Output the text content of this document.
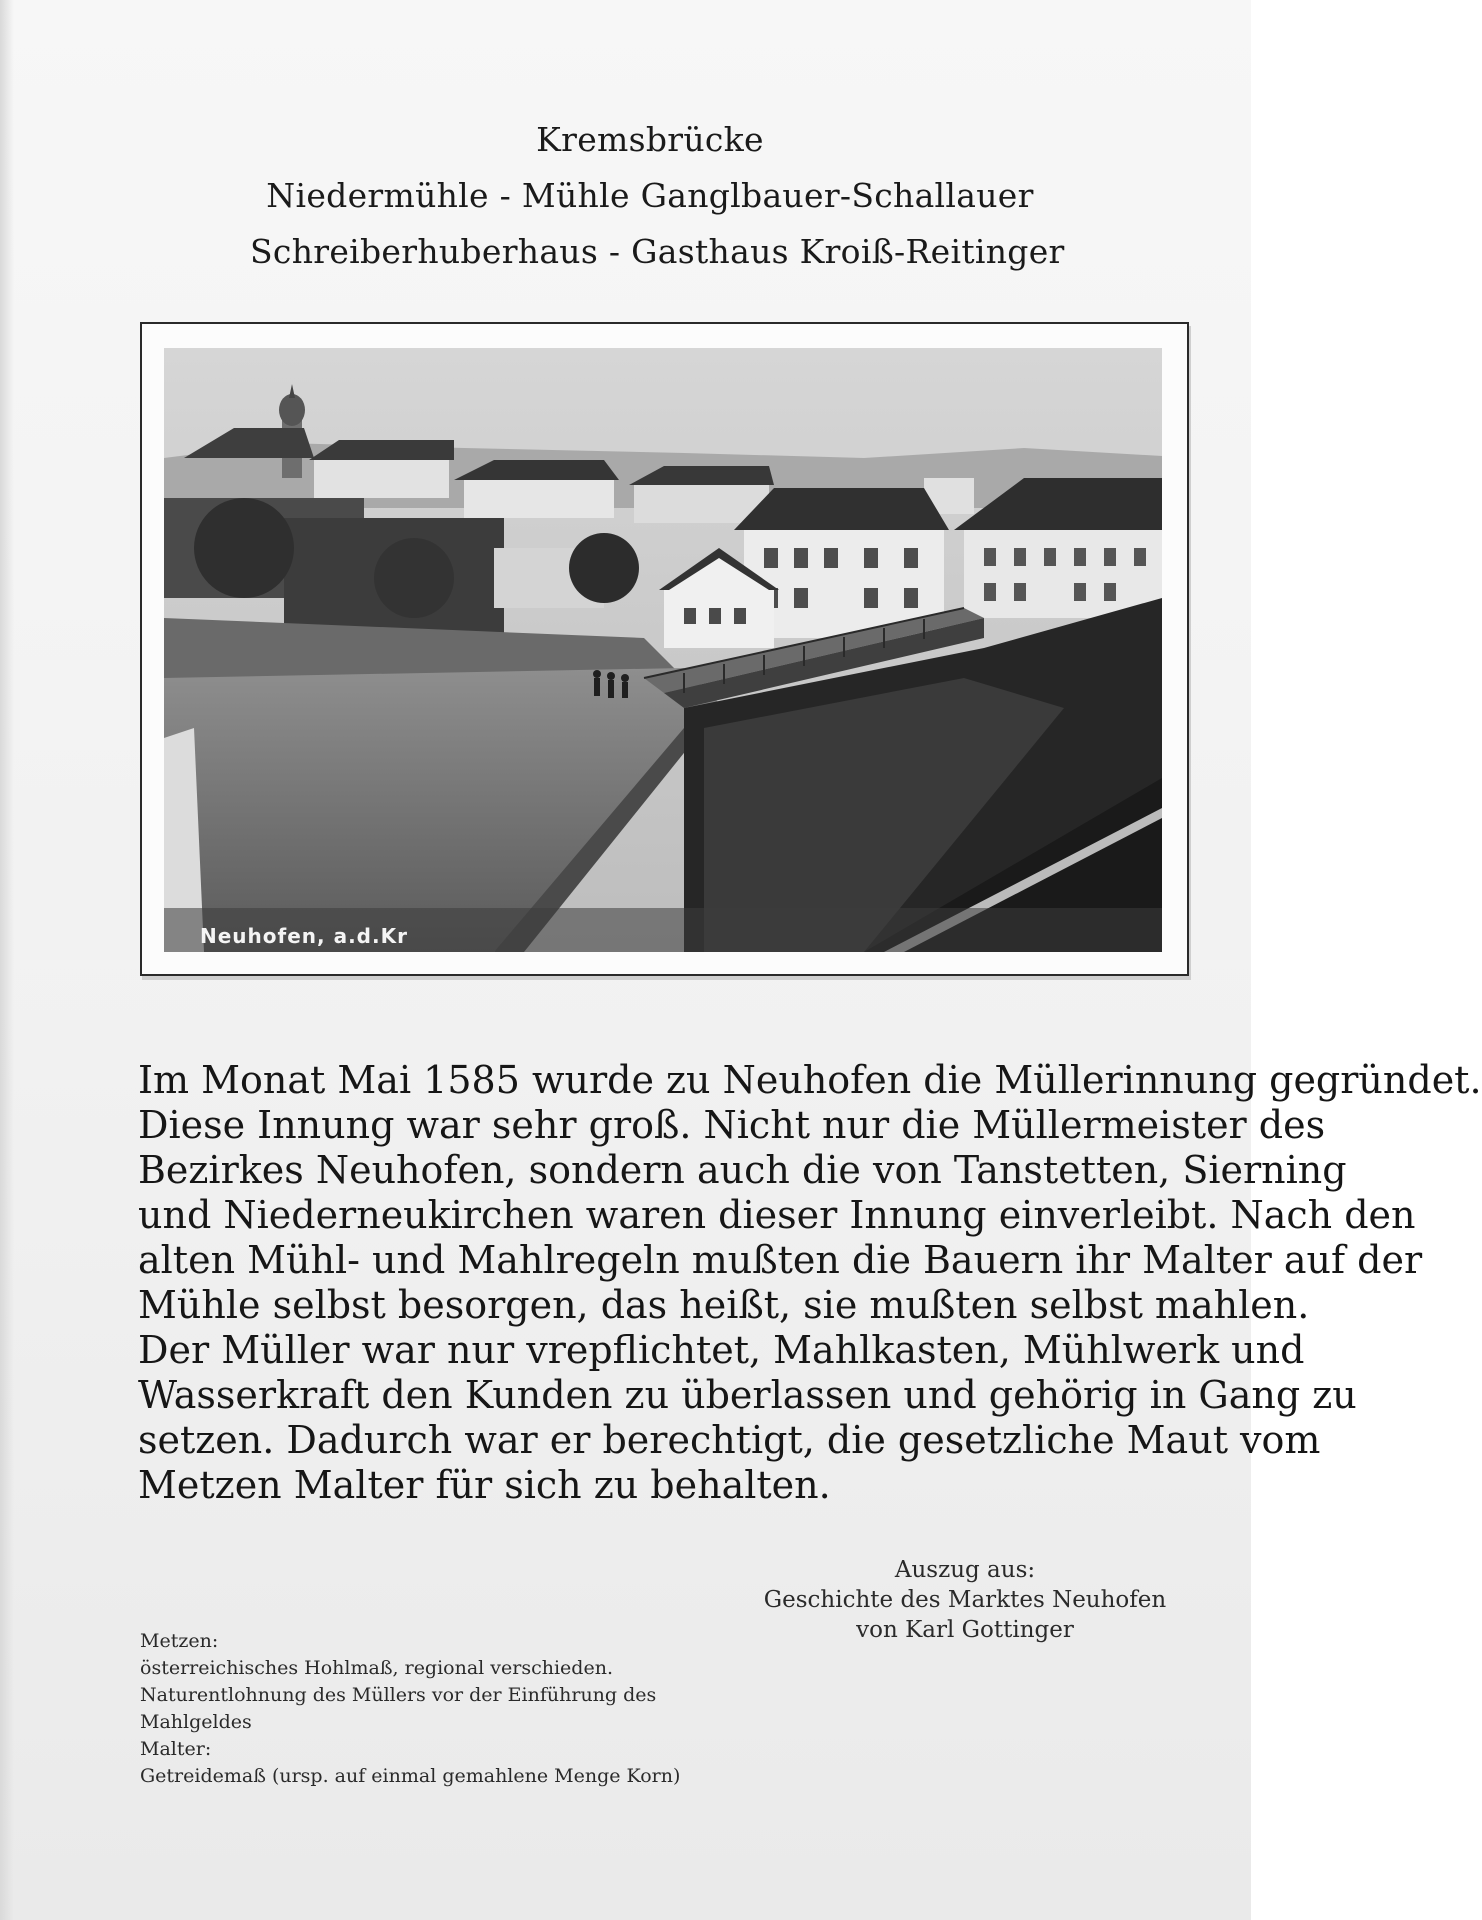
Kremsbrücke
Niedermühle - Mühle Ganglbauer-Schallauer
Schreiberhuberhaus - Gasthaus Kroiß-Reitinger
Neuhofen, a.d.Kr
Im Monat Mai 1585 wurde zu Neuhofen die Müllerinnung gegründet.
Diese Innung war sehr groß. Nicht nur die Müllermeister des
Bezirkes Neuhofen, sondern auch die von Tanstetten, Sierning
und Niederneukirchen waren dieser Innung einverleibt. Nach den
alten Mühl- und Mahlregeln mußten die Bauern ihr Malter auf der
Mühle selbst besorgen, das heißt, sie mußten selbst mahlen.
Der Müller war nur vrepflichtet, Mahlkasten, Mühlwerk und
Wasserkraft den Kunden zu überlassen und gehörig in Gang zu
setzen. Dadurch war er berechtigt, die gesetzliche Maut vom
Metzen Malter für sich zu behalten.
Auszug aus:
Geschichte des Marktes Neuhofen
von Karl Gottinger
Metzen:
österreichisches Hohlmaß, regional verschieden.
Naturentlohnung des Müllers vor der Einführung des
Mahlgeldes
Malter:
Getreidemaß (ursp. auf einmal gemahlene Menge Korn)
